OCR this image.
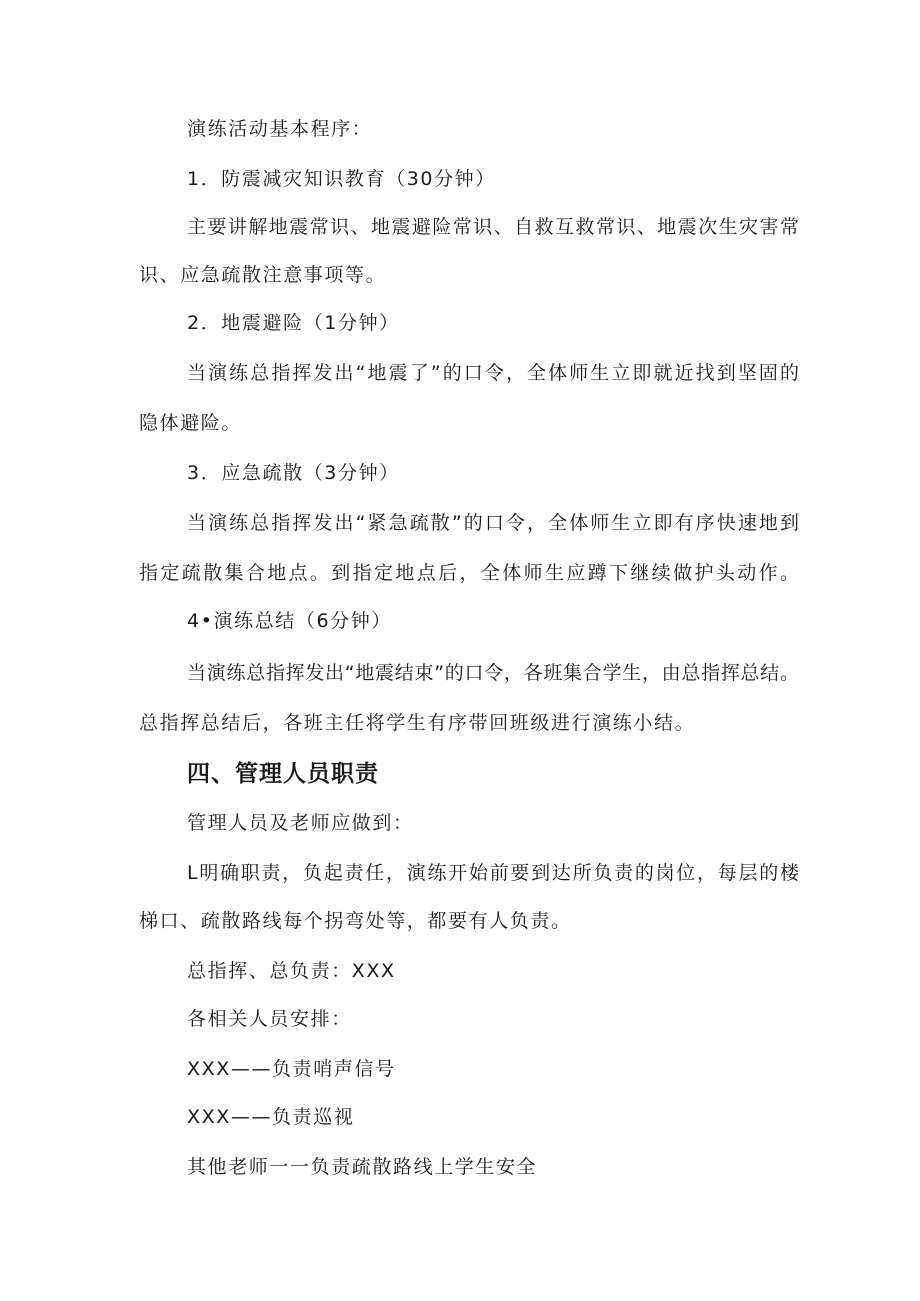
演练活动基本程序：
1．防震减灾知识教育（30分钟）
主要讲解地震常识、地震避险常识、自救互救常识、地震次生灾害常
识、应急疏散注意事项等。
2．地震避险（1分钟）
当演练总指挥发出“地震了”的口令，全体师生立即就近找到坚固的
隐体避险。
3．应急疏散（3分钟）
当演练总指挥发出“紧急疏散”的口令，全体师生立即有序快速地到
指定疏散集合地点。到指定地点后，全体师生应蹲下继续做护头动作。
4•演练总结（6分钟）
当演练总指挥发出“地震结束”的口令，各班集合学生，由总指挥总结。
总指挥总结后，各班主任将学生有序带回班级进行演练小结。
四、管理人员职责
管理人员及老师应做到：
L明确职责，负起责任，演练开始前要到达所负责的岗位，每层的楼
梯口、疏散路线每个拐弯处等，都要有人负责。
总指挥、总负责：XXX
各相关人员安排：
XXX——负责哨声信号
XXX——负责巡视
其他老师一一负责疏散路线上学生安全
